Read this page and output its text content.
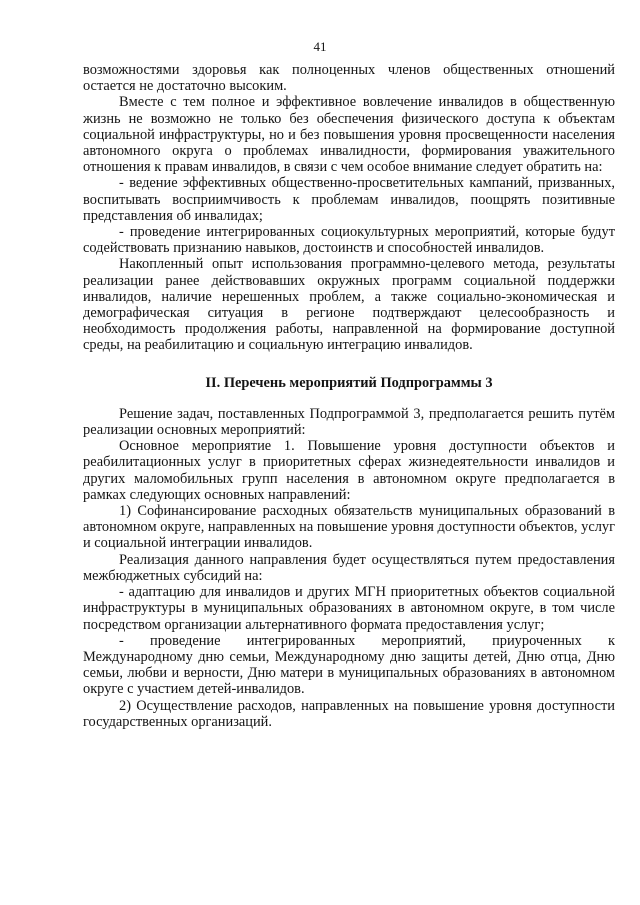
41

возможностями здоровья как полноценных членов общественных отношений остается не достаточно высоким.

Вместе с тем полное и эффективное вовлечение инвалидов в общественную жизнь не возможно не только без обеспечения физического доступа к объектам социальной инфраструктуры, но и без повышения уровня просвещенности населения автономного округа о проблемах инвалидности, формирования уважительного отношения к правам инвалидов, в связи с чем особое внимание следует обратить на:

- ведение эффективных общественно-просветительных кампаний, призванных, воспитывать восприимчивость к проблемам инвалидов, поощрять позитивные представления об инвалидах;

- проведение интегрированных социокультурных мероприятий, которые будут содействовать признанию навыков, достоинств и способностей инвалидов.

Накопленный опыт использования программно-целевого метода, результаты реализации ранее действовавших окружных программ социальной поддержки инвалидов, наличие нерешенных проблем, а также социально-экономическая и демографическая ситуация в регионе подтверждают целесообразность и необходимость продолжения работы, направленной на формирование доступной среды, на реабилитацию и социальную интеграцию инвалидов.

II. Перечень мероприятий Подпрограммы 3

Решение задач, поставленных Подпрограммой 3, предполагается решить путём реализации основных мероприятий:

Основное мероприятие 1. Повышение уровня доступности объектов и реабилитационных услуг в приоритетных сферах жизнедеятельности инвалидов и других маломобильных групп населения в автономном округе предполагается в рамках следующих основных направлений:

1) Софинансирование расходных обязательств муниципальных образований в автономном округе, направленных на повышение уровня доступности объектов, услуг и социальной интеграции инвалидов.

Реализация данного направления будет осуществляться путем предоставления межбюджетных субсидий на:

- адаптацию для инвалидов и других МГН приоритетных объектов социальной инфраструктуры в муниципальных образованиях в автономном округе, в том числе посредством организации альтернативного формата предоставления услуг;

- проведение интегрированных мероприятий, приуроченных к Международному дню семьи, Международному дню защиты детей, Дню отца, Дню семьи, любви и верности, Дню матери в муниципальных образованиях в автономном округе с участием детей-инвалидов.

2) Осуществление расходов, направленных на повышение уровня доступности государственных организаций.
